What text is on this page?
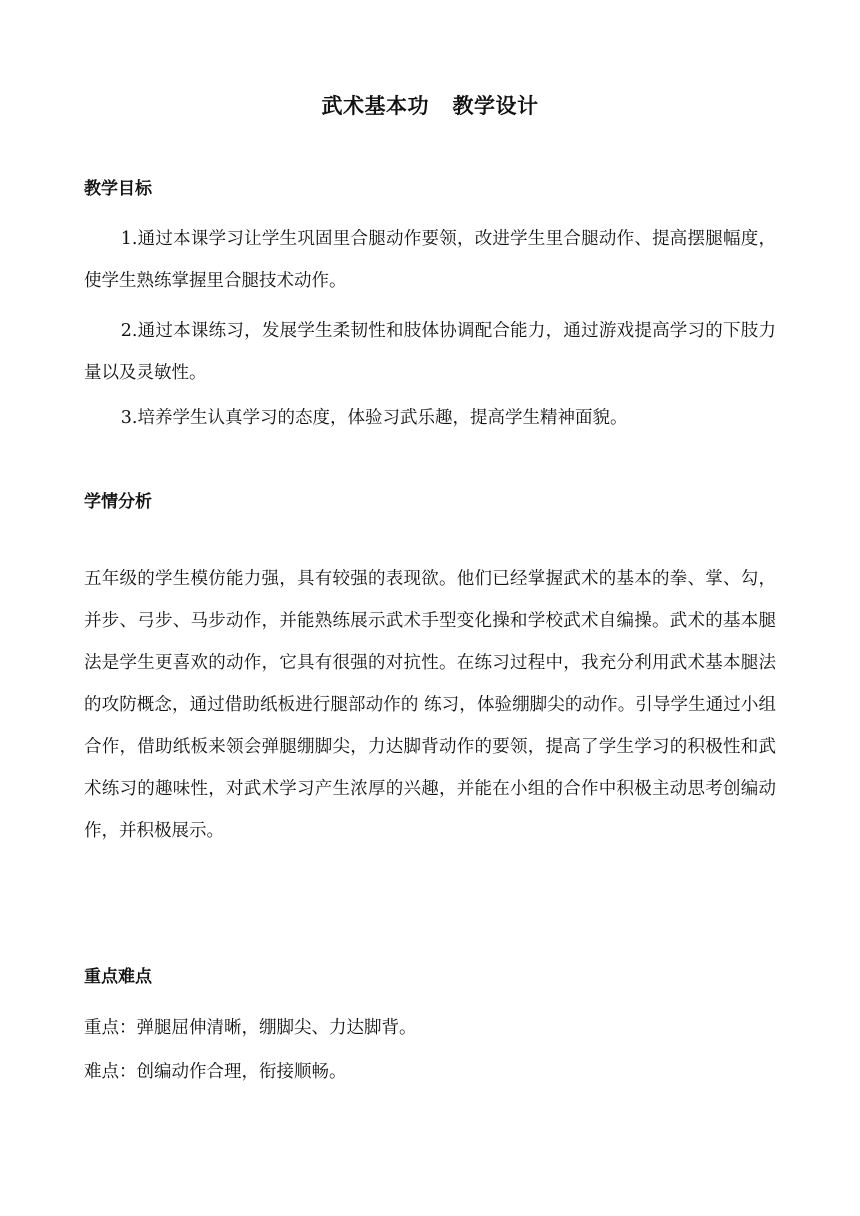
武术基本功   教学设计
教学目标
1.通过本课学习让学生巩固里合腿动作要领，改进学生里合腿动作、提高摆腿幅度，使学生熟练掌握里合腿技术动作。
2.通过本课练习，发展学生柔韧性和肢体协调配合能力，通过游戏提高学习的下肢力量以及灵敏性。
3.培养学生认真学习的态度，体验习武乐趣，提高学生精神面貌。
学情分析
五年级的学生模仿能力强，具有较强的表现欲。他们已经掌握武术的基本的拳、掌、勾，并步、弓步、马步动作，并能熟练展示武术手型变化操和学校武术自编操。武术的基本腿法是学生更喜欢的动作，它具有很强的对抗性。在练习过程中，我充分利用武术基本腿法的攻防概念，通过借助纸板进行腿部动作的 练习，体验绷脚尖的动作。引导学生通过小组合作，借助纸板来领会弹腿绷脚尖，力达脚背动作的要领，提高了学生学习的积极性和武术练习的趣味性，对武术学习产生浓厚的兴趣，并能在小组的合作中积极主动思考创编动作，并积极展示。
重点难点
重点：弹腿屈伸清晰，绷脚尖、力达脚背。
难点：创编动作合理，衔接顺畅。
